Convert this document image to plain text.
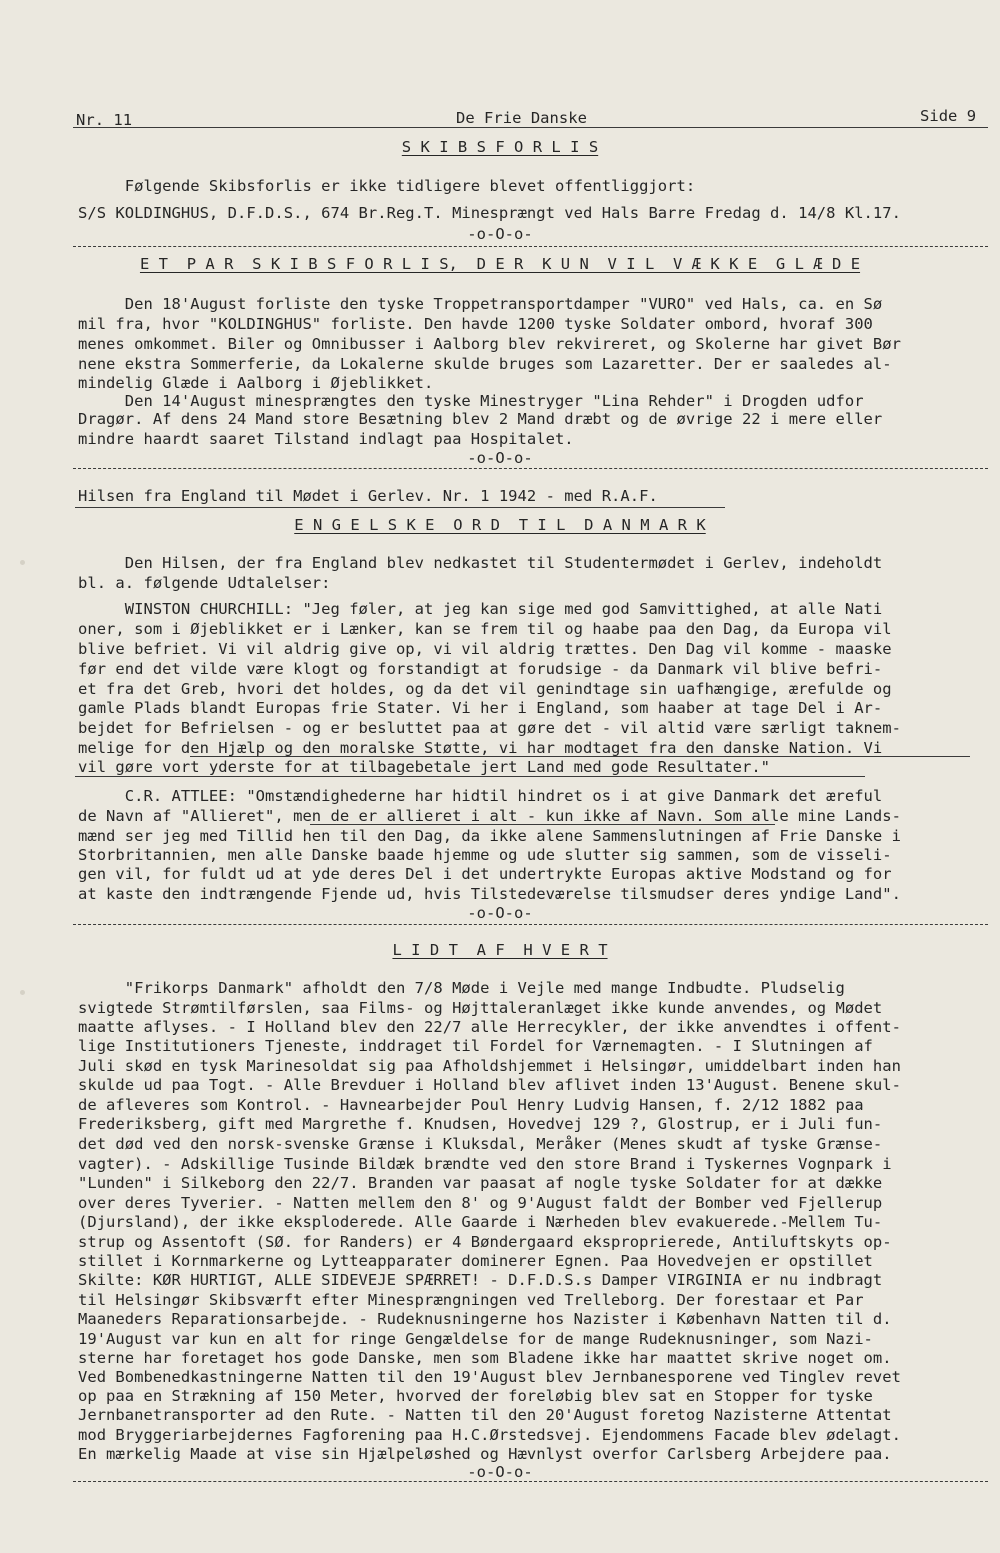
Nr. 11	De Frie Danske	Side 9

S K I B S F O R L I S

Følgende Skibsforlis er ikke tidligere blevet offentliggjort:

S/S KOLDINGHUS, D.F.D.S., 674 Br.Reg.T. Minesprængt ved Hals Barre Fredag d. 14/8 Kl.17.

-o-O-o-

E T  P A R  S K I B S F O R L I S,  D E R  K U N  V I L  V Æ K K E  G L Æ D E

Den 18'August forliste den tyske Troppetransportdamper "VURO" ved Hals, ca. en Sø

mil fra, hvor "KOLDINGHUS" forliste. Den havde 1200 tyske Soldater ombord, hvoraf 300

menes omkommet. Biler og Omnibusser i Aalborg blev rekvireret, og Skolerne har givet Bør

nene ekstra Sommerferie, da Lokalerne skulde bruges som Lazaretter. Der er saaledes al-

mindelig Glæde i Aalborg i Øjeblikket.

Den 14'August minesprængtes den tyske Minestryger "Lina Rehder" i Drogden udfor

Dragør. Af dens 24 Mand store Besætning blev 2 Mand dræbt og de øvrige 22 i mere eller

mindre haardt saaret Tilstand indlagt paa Hospitalet.

-o-O-o-

Hilsen fra England til Mødet i Gerlev. Nr. 1 1942 - med R.A.F.

E N G E L S K E  O R D  T I L  D A N M A R K

Den Hilsen, der fra England blev nedkastet til Studentermødet i Gerlev, indeholdt

bl. a. følgende Udtalelser:

WINSTON CHURCHILL: "Jeg føler, at jeg kan sige med god Samvittighed, at alle Nati

oner, som i Øjeblikket er i Lænker, kan se frem til og haabe paa den Dag, da Europa vil

blive befriet. Vi vil aldrig give op, vi vil aldrig trættes. Den Dag vil komme - maaske

før end det vilde være klogt og forstandigt at forudsige - da Danmark vil blive befri-

et fra det Greb, hvori det holdes, og da det vil genindtage sin uafhængige, ærefulde og

gamle Plads blandt Europas frie Stater. Vi her i England, som haaber at tage Del i Ar-

bejdet for Befrielsen - og er besluttet paa at gøre det - vil altid være særligt taknem-

melige for den Hjælp og den moralske Støtte, vi har modtaget fra den danske Nation. Vi

vil gøre vort yderste for at tilbagebetale jert Land med gode Resultater."

C.R. ATTLEE: "Omstændighederne har hidtil hindret os i at give Danmark det æreful

de Navn af "Allieret", men de er allieret i alt - kun ikke af Navn. Som alle mine Lands-

mænd ser jeg med Tillid hen til den Dag, da ikke alene Sammenslutningen af Frie Danske i

Storbritannien, men alle Danske baade hjemme og ude slutter sig sammen, som de visseli-

gen vil, for fuldt ud at yde deres Del i det undertrykte Europas aktive Modstand og for

at kaste den indtrængende Fjende ud, hvis Tilstedeværelse tilsmudser deres yndige Land".

-o-O-o-

L I D T  A F  H V E R T

"Frikorps Danmark" afholdt den 7/8 Møde i Vejle med mange Indbudte. Pludselig

svigtede Strømtilførslen, saa Films- og Højttaleranlæget ikke kunde anvendes, og Mødet

maatte aflyses. - I Holland blev den 22/7 alle Herrecykler, der ikke anvendtes i offent-

lige Institutioners Tjeneste, inddraget til Fordel for Værnemagten. - I Slutningen af

Juli skød en tysk Marinesoldat sig paa Afholdshjemmet i Helsingør, umiddelbart inden han

skulde ud paa Togt. - Alle Brevduer i Holland blev aflivet inden 13'August. Benene skul-

de afleveres som Kontrol. - Havnearbejder Poul Henry Ludvig Hansen, f. 2/12 1882 paa

Frederiksberg, gift med Margrethe f. Knudsen, Hovedvej 129 ?, Glostrup, er i Juli fun-

det død ved den norsk-svenske Grænse i Kluksdal, Meråker (Menes skudt af tyske Grænse-

vagter). - Adskillige Tusinde Bildæk brændte ved den store Brand i Tyskernes Vognpark i

"Lunden" i Silkeborg den 22/7. Branden var paasat af nogle tyske Soldater for at dække

over deres Tyverier. - Natten mellem den 8' og 9'August faldt der Bomber ved Fjellerup

(Djursland), der ikke eksploderede. Alle Gaarde i Nærheden blev evakuerede.-Mellem Tu-

strup og Assentoft (SØ. for Randers) er 4 Bøndergaard eksproprierede, Antiluftskyts op-

stillet i Kornmarkerne og Lytteapparater dominerer Egnen. Paa Hovedvejen er opstillet

Skilte: KØR HURTIGT, ALLE SIDEVEJE SPÆRRET! - D.F.D.S.s Damper VIRGINIA er nu indbragt

til Helsingør Skibsværft efter Minesprængningen ved Trelleborg. Der forestaar et Par

Maaneders Reparationsarbejde. - Rudeknusningerne hos Nazister i København Natten til d.

19'August var kun en alt for ringe Gengældelse for de mange Rudeknusninger, som Nazi-

sterne har foretaget hos gode Danske, men som Bladene ikke har maattet skrive noget om.

Ved Bombenedkastningerne Natten til den 19'August blev Jernbanesporene ved Tinglev revet

op paa en Strækning af 150 Meter, hvorved der foreløbig blev sat en Stopper for tyske

Jernbanetransporter ad den Rute. - Natten til den 20'August foretog Nazisterne Attentat

mod Bryggeriarbejdernes Fagforening paa H.C.Ørstedsvej. Ejendommens Facade blev ødelagt.

En mærkelig Maade at vise sin Hjælpeløshed og Hævnlyst overfor Carlsberg Arbejdere paa.

-o-O-o-
